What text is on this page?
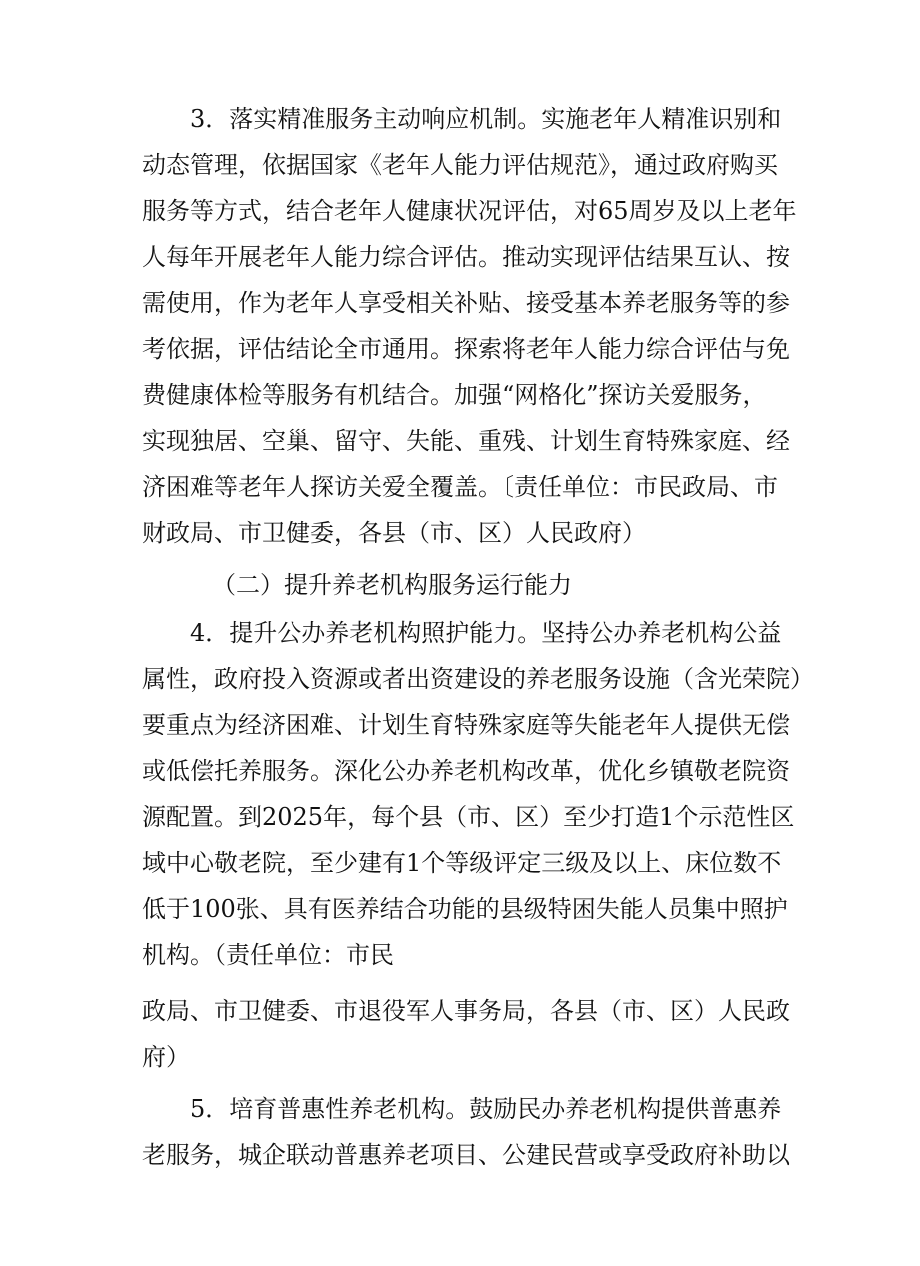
3．落实精准服务主动响应机制。实施老年人精准识别和
动态管理，依据国家《老年人能力评估规范》，通过政府购买
服务等方式，结合老年人健康状况评估，对65周岁及以上老年
人每年开展老年人能力综合评估。推动实现评估结果互认、按
需使用，作为老年人享受相关补贴、接受基本养老服务等的参
考依据，评估结论全市通用。探索将老年人能力综合评估与免
费健康体检等服务有机结合。加强“网格化”探访关爱服务，
实现独居、空巢、留守、失能、重残、计划生育特殊家庭、经
济困难等老年人探访关爱全覆盖。〔责任单位：市民政局、市
财政局、市卫健委，各县（市、区）人民政府）
（二）提升养老机构服务运行能力
4．提升公办养老机构照护能力。坚持公办养老机构公益
属性，政府投入资源或者出资建设的养老服务设施（含光荣院）
要重点为经济困难、计划生育特殊家庭等失能老年人提供无偿
或低偿托养服务。深化公办养老机构改革，优化乡镇敬老院资
源配置。到2025年，每个县（市、区）至少打造1个示范性区
域中心敬老院，至少建有1个等级评定三级及以上、床位数不
低于100张、具有医养结合功能的县级特困失能人员集中照护
机构。（责任单位：市民
政局、市卫健委、市退役军人事务局，各县（市、区）人民政
府）
5．培育普惠性养老机构。鼓励民办养老机构提供普惠养
老服务，城企联动普惠养老项目、公建民营或享受政府补助以
